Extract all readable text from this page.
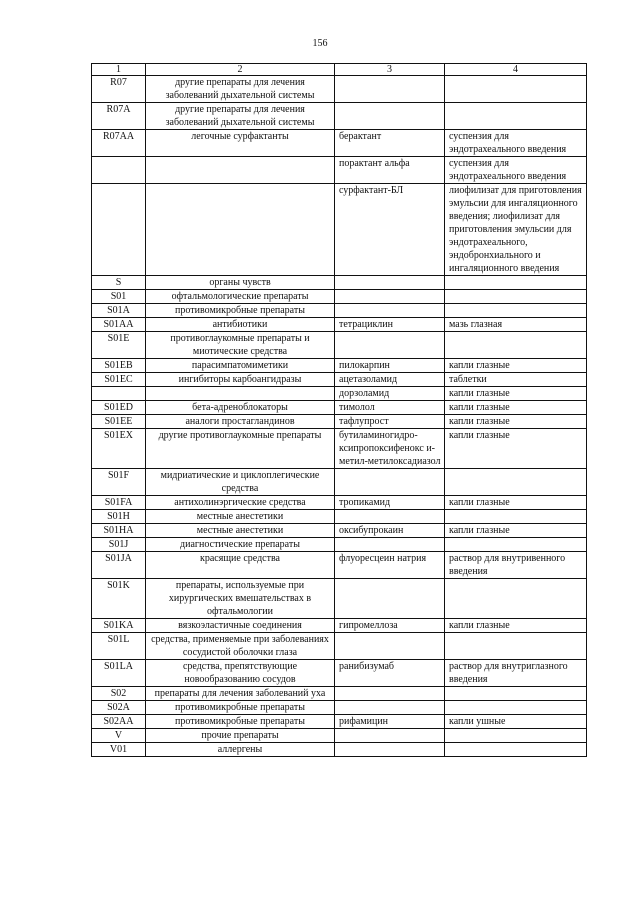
156
1	2	3	4
R07	другие препараты для лечения заболеваний дыхательной системы		
R07A	другие препараты для лечения заболеваний дыхательной системы		
R07AA	легочные сурфактанты	берактант	суспензия для эндотрахеального введения
		порактант альфа	суспензия для эндотрахеального введения
		сурфактант-БЛ	лиофилизат для приготовления эмульсии для ингаляционного введения; лиофилизат для приготовления эмульсии для эндотрахеального, эндобронхиального и ингаляционного введения
S	органы чувств		
S01	офтальмологические препараты		
S01A	противомикробные препараты		
S01AA	антибиотики	тетрациклин	мазь глазная
S01E	противоглаукомные препараты и миотические средства		
S01EB	парасимпатомиметики	пилокарпин	капли глазные
S01EC	ингибиторы карбоангидразы	ацетазоламид	таблетки
		дорзоламид	капли глазные
S01ED	бета-адреноблокаторы	тимолол	капли глазные
S01EE	аналоги простагландинов	тафлупрост	капли глазные
S01EX	другие противоглаукомные препараты	бутиламиногидро-ксипропоксифенокс и-метил-метилоксадиазол	капли глазные
S01F	мидриатические и циклоплегические средства		
S01FA	антихолинэргические средства	тропикамид	капли глазные
S01H	местные анестетики		
S01HA	местные анестетики	оксибупрокаин	капли глазные
S01J	диагностические препараты		
S01JA	красящие средства	флуоресцеин натрия	раствор для внутривенного введения
S01K	препараты, используемые при хирургических вмешательствах в офтальмологии		
S01KA	вязкоэластичные соединения	гипромеллоза	капли глазные
S01L	средства, применяемые при заболеваниях сосудистой оболочки глаза		
S01LA	средства, препятствующие новообразованию сосудов	ранибизумаб	раствор для внутриглазного введения
S02	препараты для лечения заболеваний уха		
S02A	противомикробные препараты		
S02AA	противомикробные препараты	рифамицин	капли ушные
V	прочие препараты		
V01	аллергены		
